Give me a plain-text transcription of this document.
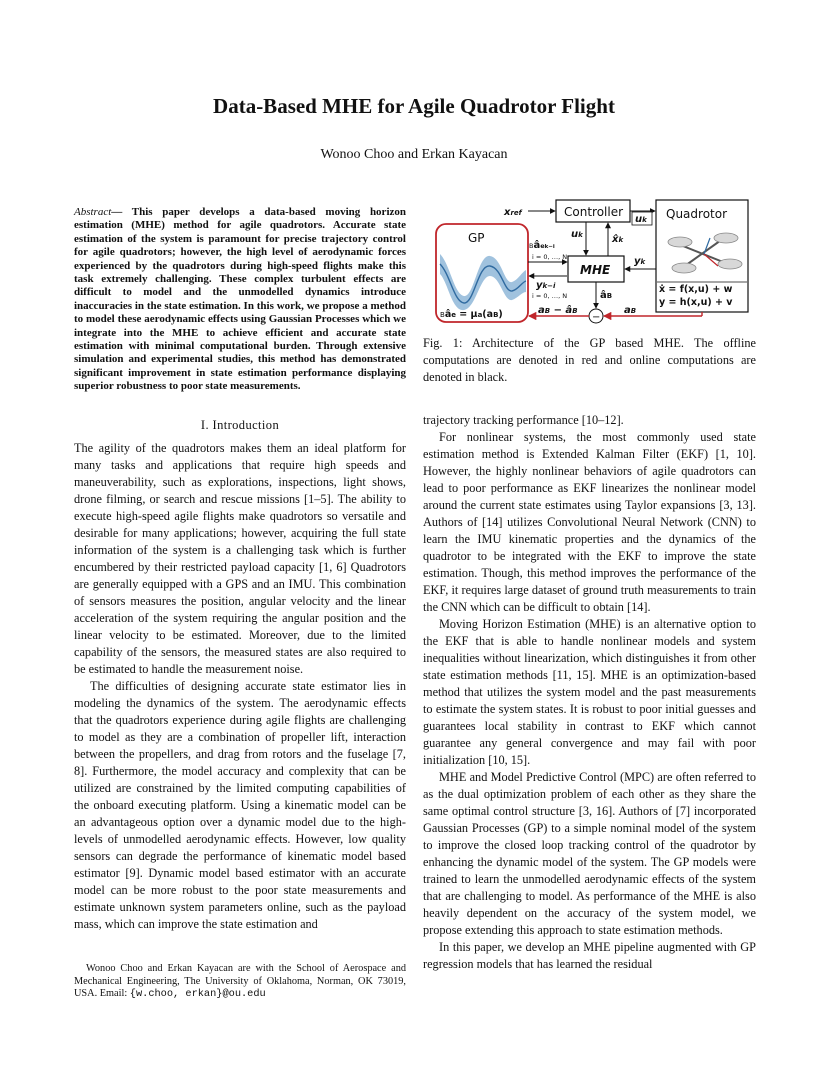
Data-Based MHE for Agile Quadrotor Flight
Wonoo Choo and Erkan Kayacan
Abstract— This paper develops a data-based moving horizon estimation (MHE) method for agile quadrotors. Accurate state estimation of the system is paramount for precise trajectory control for agile quadrotors; however, the high level of aerodynamic forces experienced by the quadrotors during high-speed flights make this task extremely challenging. These complex turbulent effects are difficult to model and the unmodelled dynamics introduce inaccuracies in the state estimation. In this work, we propose a method to model these aerodynamic effects using Gaussian Processes which we integrate into the MHE to achieve efficient and accurate state estimation with minimal computational burden. Through extensive simulation and experimental studies, this method has demonstrated significant improvement in state estimation performance displaying superior robustness to poor state measurements.
I. Introduction

The agility of the quadrotors makes them an ideal platform for many tasks and applications that require high speeds and maneuverability, such as explorations, inspections, light shows, drone filming, or search and rescue missions [1–5]. The ability to execute high-speed agile flights make quadrotors so versatile and desirable for many applications; however, acquiring the full state information of the system is a challenging task which is further encumbered by their restricted payload capacity [1, 6] Quadrotors are generally equipped with a GPS and an IMU. This combination of sensors measures the position, angular velocity and the linear acceleration of the system requiring the angular position and the linear velocity to be estimated. Moreover, due to the limited capability of the sensors, the measured states are also required to be estimated to handle the measurement noise.

The difficulties of designing accurate state estimator lies in modeling the dynamics of the system. The aerodynamic effects that the quadrotors experience during agile flights are challenging to model as they are a combination of propeller lift, interaction between the propellers, and drag from rotors and the fuselage [7, 8]. Furthermore, the model accuracy and complexity that can be utilized are constrained by the limited computing capabilities of the onboard executing platform. Using a kinematic model can be an advantageous option over a dynamic model due to the high-levels of unmodelled aerodynamic effects. However, low quality sensors can degrade the performance of kinematic model based estimator [9]. Dynamic model based estimator with an accurate model can be more robust to the poor state measurements and estimate unknown system parameters online, such as the payload mass, which can improve the state estimation and

Wonoo Choo and Erkan Kayacan are with the School of Aerospace and Mechanical Engineering, The University of Oklahoma, Norman, OK 73019, USA. Email: {w.choo, erkan}@ou.edu
GP
Bâe = μa(aB)
Controller
xref	Quadrotor
ẋ = f(x,u) + w
y = h(x,u) + v
uk
MHE
uk	x̂k
yk
Bâek−i
i = 0, …, N
yk−i
i = 0, …, N	âB
−
aB
aB − âB
Fig. 1: Architecture of the GP based MHE. The offline computations are denoted in red and online computations are denoted in black.

trajectory tracking performance [10–12].

For nonlinear systems, the most commonly used state estimation method is Extended Kalman Filter (EKF) [1, 10]. However, the highly nonlinear behaviors of agile quadrotors can lead to poor performance as EKF linearizes the nonlinear model around the current state estimates using Taylor expansions [3, 13]. Authors of [14] utilizes Convolutional Neural Network (CNN) to learn the IMU kinematic properties and the dynamics of the quadrotor to be integrated with the EKF to improve the state estimation. Though, this method improves the performance of the EKF, it requires large dataset of ground truth measurements to train the CNN which can be difficult to obtain [14].

Moving Horizon Estimation (MHE) is an alternative option to the EKF that is able to handle nonlinear models and system inequalities without linearization, which distinguishes it from other state estimation methods [11, 15]. MHE is an optimization-based method that utilizes the system model and the past measurements to estimate the system states. It is robust to poor initial guesses and guarantees local stability in contrast to EKF which cannot guarantee any general convergence and may fail with poor initialization [10, 15].

MHE and Model Predictive Control (MPC) are often referred to as the dual optimization problem of each other as they share the same optimal control structure [3, 16]. Authors of [7] incorporated Gaussian Processes (GP) to a simple nominal model of the system to improve the closed loop tracking control of the quadrotor by enhancing the dynamic model of the system. The GP models were trained to learn the unmodelled aerodynamic effects of the system that are challenging to model. As performance of the MHE is also heavily dependent on the accuracy of the system model, we propose extending this approach to state estimation methods.

In this paper, we develop an MHE pipeline augmented with GP regression models that has learned the residual
